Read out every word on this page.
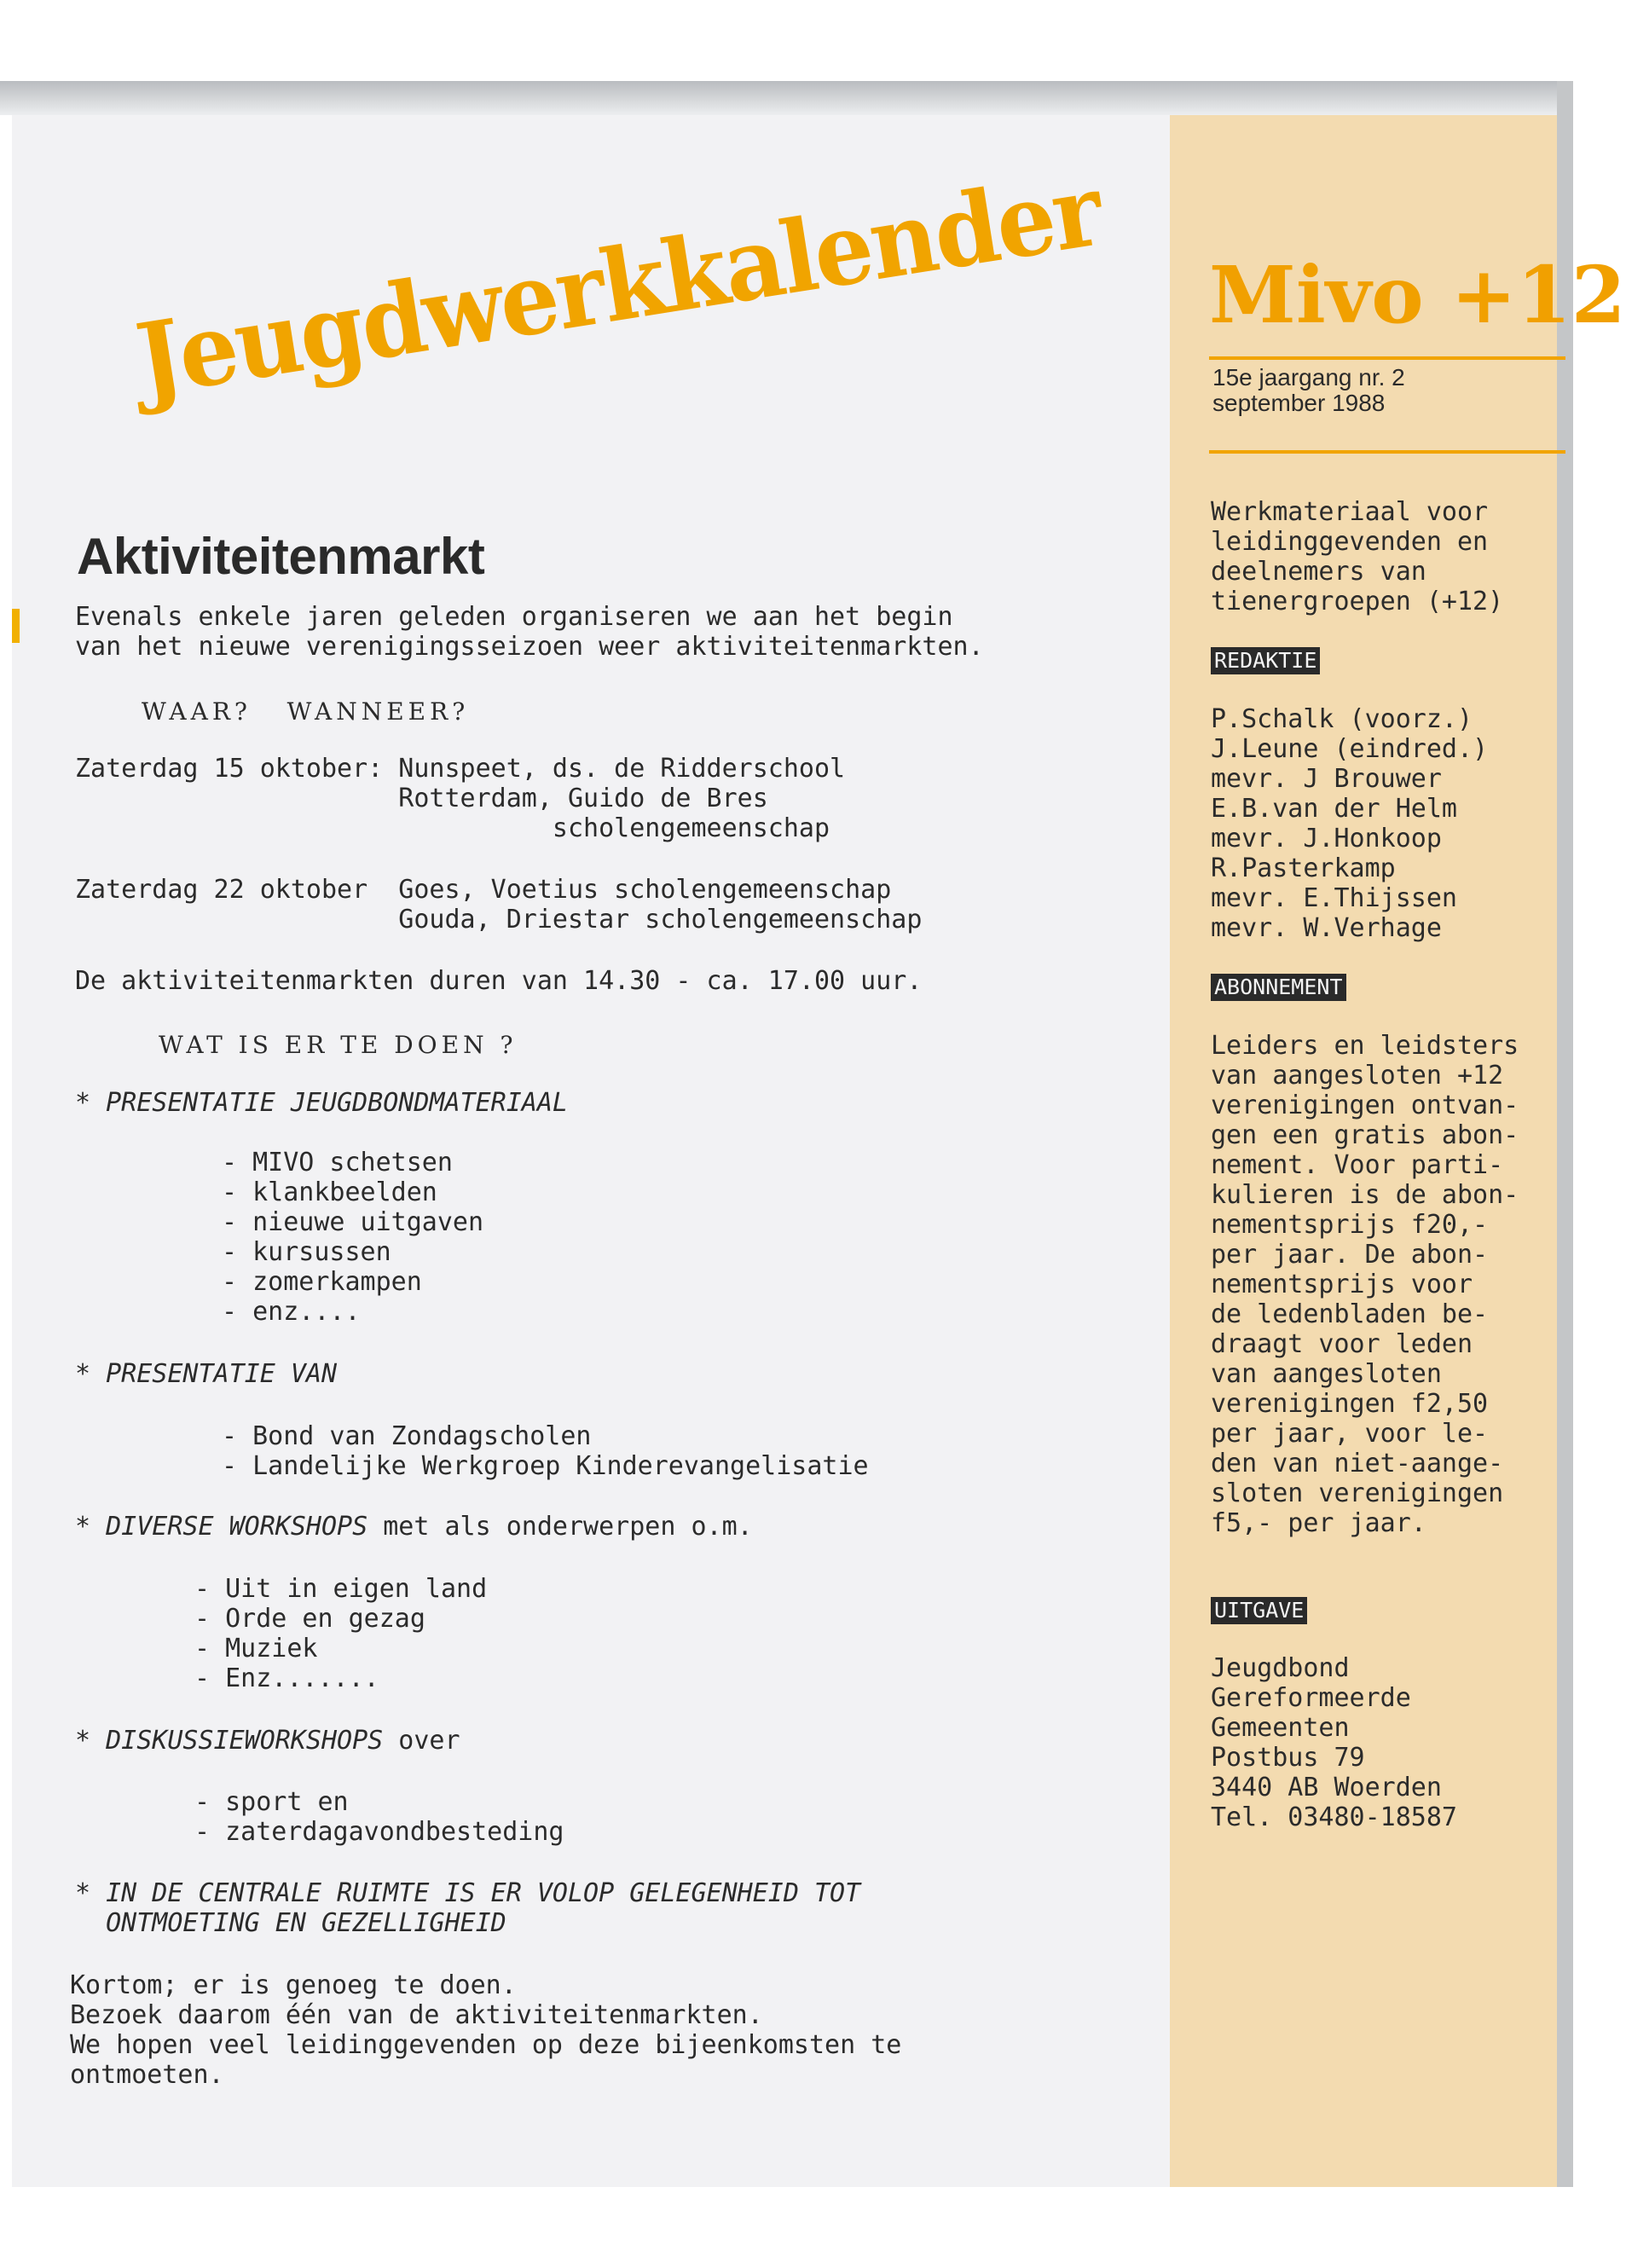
Jeugdwerkkalender
Aktiviteitenmarkt
Evenals enkele jaren geleden organiseren we aan het begin
van het nieuwe verenigingsseizoen weer aktiviteitenmarkten.
WAAR?   WANNEER?
Zaterdag 15 oktober: Nunspeet, ds. de Ridderschool
Rotterdam, Guido de Bres
scholengemeenschap
Zaterdag 22 oktober  Goes, Voetius scholengemeenschap
Gouda, Driestar scholengemeenschap
De aktiviteitenmarkten duren van 14.30 - ca. 17.00 uur.
WAT IS ER TE DOEN ?
* PRESENTATIE JEUGDBONDMATERIAAL
- MIVO schetsen
- klankbeelden
- nieuwe uitgaven
- kursussen
- zomerkampen
- enz....
* PRESENTATIE VAN
- Bond van Zondagscholen
- Landelijke Werkgroep Kinderevangelisatie
* DIVERSE WORKSHOPS met als onderwerpen o.m.
- Uit in eigen land
- Orde en gezag
- Muziek
- Enz.......
* DISKUSSIEWORKSHOPS over
- sport en
- zaterdagavondbesteding
* IN DE CENTRALE RUIMTE IS ER VOLOP GELEGENHEID TOT
ONTMOETING EN GEZELLIGHEID
Kortom; er is genoeg te doen.
Bezoek daarom één van de aktiviteitenmarkten.
We hopen veel leidinggevenden op deze bijeenkomsten te
ontmoeten.
Mivo +12
15e jaargang nr. 2
september 1988
Werkmateriaal voor
leidinggevenden en
deelnemers van
tienergroepen (+12)
REDAKTIE
P.Schalk (voorz.)
J.Leune (eindred.)
mevr. J Brouwer
E.B.van der Helm
mevr. J.Honkoop
R.Pasterkamp
mevr. E.Thijssen
mevr. W.Verhage
ABONNEMENT
Leiders en leidsters
van aangesloten +12
verenigingen ontvan-
gen een gratis abon-
nement. Voor parti-
kulieren is de abon-
nementsprijs f20,-
per jaar. De abon-
nementsprijs voor
de ledenbladen be-
draagt voor leden
van aangesloten
verenigingen f2,50
per jaar, voor le-
den van niet-aange-
sloten verenigingen
f5,- per jaar.
UITGAVE
Jeugdbond
Gereformeerde
Gemeenten
Postbus 79
3440 AB Woerden
Tel. 03480-18587
